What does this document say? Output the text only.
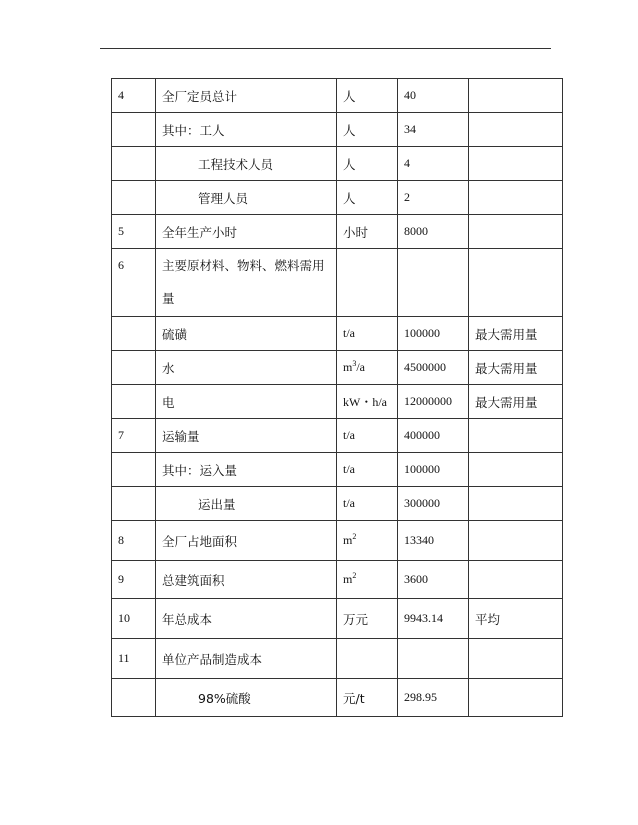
4	全厂定员总计	人	40	
	其中：工人	人	34	
	工程技术人员	人	4	
	管理人员	人	2	
5	全年生产小时	小时	8000	
6	主要原材料、物料、燃料需用量			
	硫磺	t/a	100000	最大需用量
	水	$m^3/a$	4500000	最大需用量
	电	kW・h/a	12000000	最大需用量
7	运输量	t/a	400000	
	其中：运入量	t/a	100000	
	运出量	t/a	300000	
8	全厂占地面积	$m^2$	13340	
9	总建筑面积	$m^2$	3600	
10	年总成本	万元	9943.14	平均
11	单位产品制造成本			
	98%硫酸	元/t	298.95	
